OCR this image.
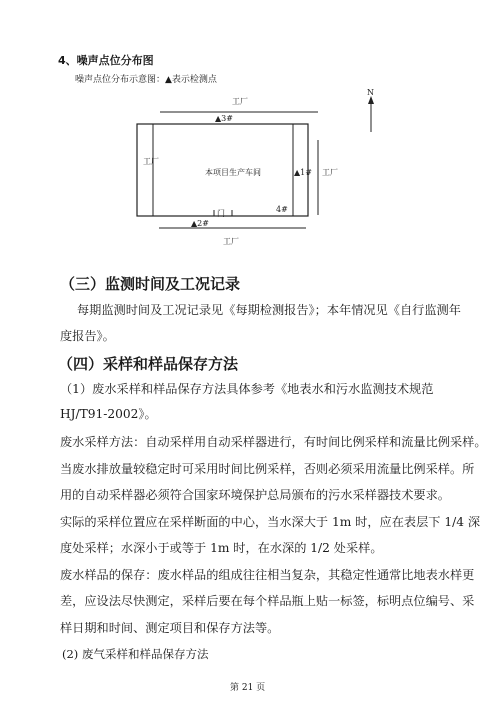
4、噪声点位分布图
噪声点位分布示意图：▲表示检测点
工厂
工厂
工厂
工厂
本项目生产车间
N
门
▲3#
▲1#
▲2#
4#
（三）监测时间及工况记录
每期监测时间及工况记录见《每期检测报告》；本年情况见《自行监测年
度报告》。
（四）采样和样品保存方法
（1）废水采样和样品保存方法具体参考《地表水和污水监测技术规范
HJ/T91-2002》。
废水采样方法：自动采样用自动采样器进行，有时间比例采样和流量比例采样。
当废水排放量较稳定时可采用时间比例采样，否则必须采用流量比例采样。所
用的自动采样器必须符合国家环境保护总局颁布的污水采样器技术要求。
实际的采样位置应在采样断面的中心，当水深大于 1m 时，应在表层下 1/4 深
度处采样；水深小于或等于 1m 时，在水深的 1/2 处采样。
废水样品的保存：废水样品的组成往往相当复杂，其稳定性通常比地表水样更
差，应设法尽快测定，采样后要在每个样品瓶上贴一标签，标明点位编号、采
样日期和时间、测定项目和保存方法等。
(2) 废气采样和样品保存方法
第 21 页
